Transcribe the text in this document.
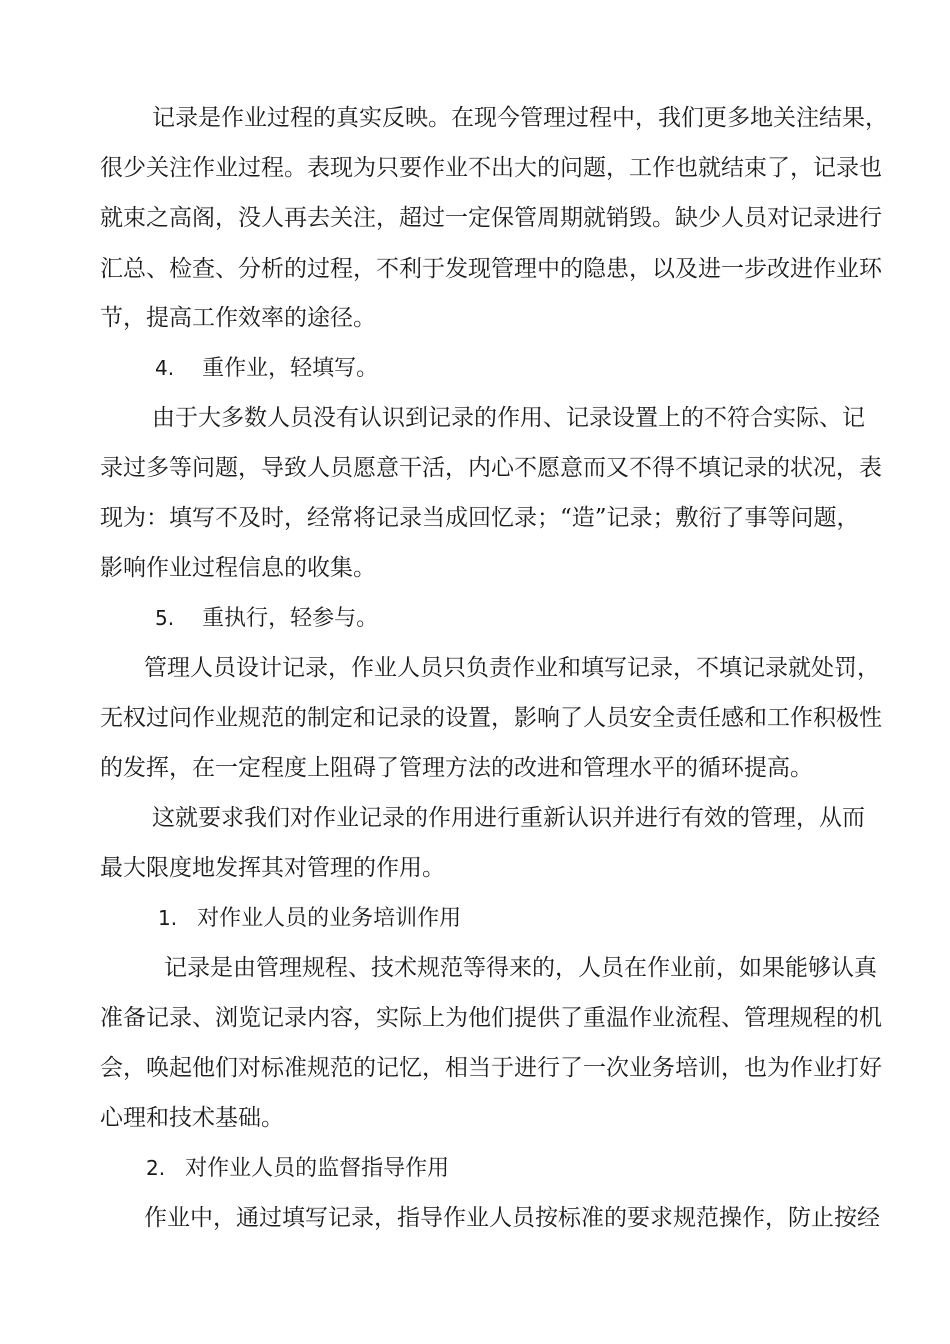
记录是作业过程的真实反映。在现今管理过程中，我们更多地关注结果，
很少关注作业过程。表现为只要作业不出大的问题，工作也就结束了，记录也
就束之高阁，没人再去关注，超过一定保管周期就销毁。缺少人员对记录进行
汇总、检查、分析的过程，不利于发现管理中的隐患，以及进一步改进作业环
节，提高工作效率的途径。
4. 重作业，轻填写。
由于大多数人员没有认识到记录的作用、记录设置上的不符合实际、记
录过多等问题，导致人员愿意干活，内心不愿意而又不得不填记录的状况，表
现为：填写不及时，经常将记录当成回忆录；“造”记录；敷衍了事等问题，
影响作业过程信息的收集。
5. 重执行，轻参与。
管理人员设计记录，作业人员只负责作业和填写记录，不填记录就处罚，
无权过问作业规范的制定和记录的设置，影响了人员安全责任感和工作积极性
的发挥，在一定程度上阻碍了管理方法的改进和管理水平的循环提高。
这就要求我们对作业记录的作用进行重新认识并进行有效的管理，从而
最大限度地发挥其对管理的作用。
1. 对作业人员的业务培训作用
记录是由管理规程、技术规范等得来的，人员在作业前，如果能够认真
准备记录、浏览记录内容，实际上为他们提供了重温作业流程、管理规程的机
会，唤起他们对标准规范的记忆，相当于进行了一次业务培训，也为作业打好
心理和技术基础。
2. 对作业人员的监督指导作用
作业中，通过填写记录，指导作业人员按标准的要求规范操作，防止按经
